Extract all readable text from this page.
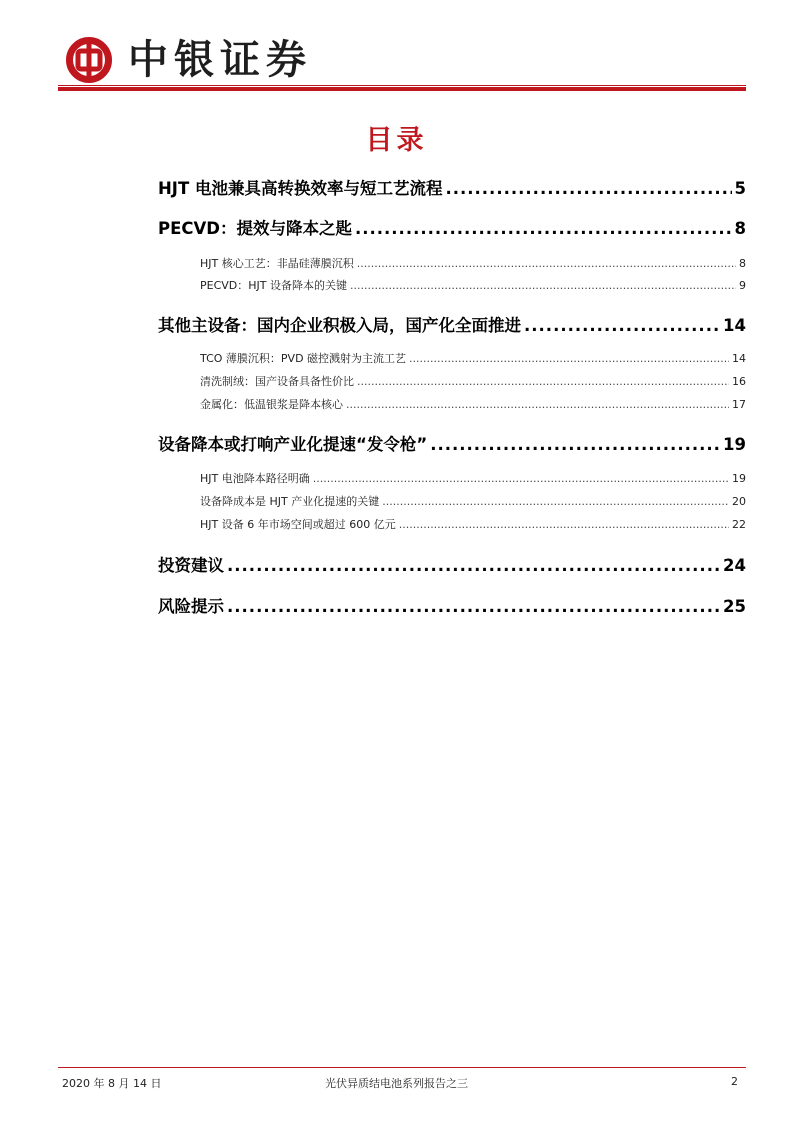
中银证券
目录
HJT 电池兼具高转换效率与短工艺流程 .....	5
PECVD：提效与降本之匙 .....	8
HJT 核心工艺：非晶硅薄膜沉积 .....	8
PECVD：HJT 设备降本的关键 .....	9
其他主设备：国内企业积极入局，国产化全面推进 .....	14
TCO 薄膜沉积：PVD 磁控溅射为主流工艺 .....	14
清洗制绒：国产设备具备性价比 .....	16
金属化：低温银浆是降本核心 .....	17
设备降本或打响产业化提速“发令枪” .....	19
HJT 电池降本路径明确 .....	19
设备降成本是 HJT 产业化提速的关键 .....	20
HJT 设备 6 年市场空间或超过 600 亿元 .....	22
投资建议 .....	24
风险提示 .....	25
2020 年 8 月 14 日	光伏异质结电池系列报告之三	2
